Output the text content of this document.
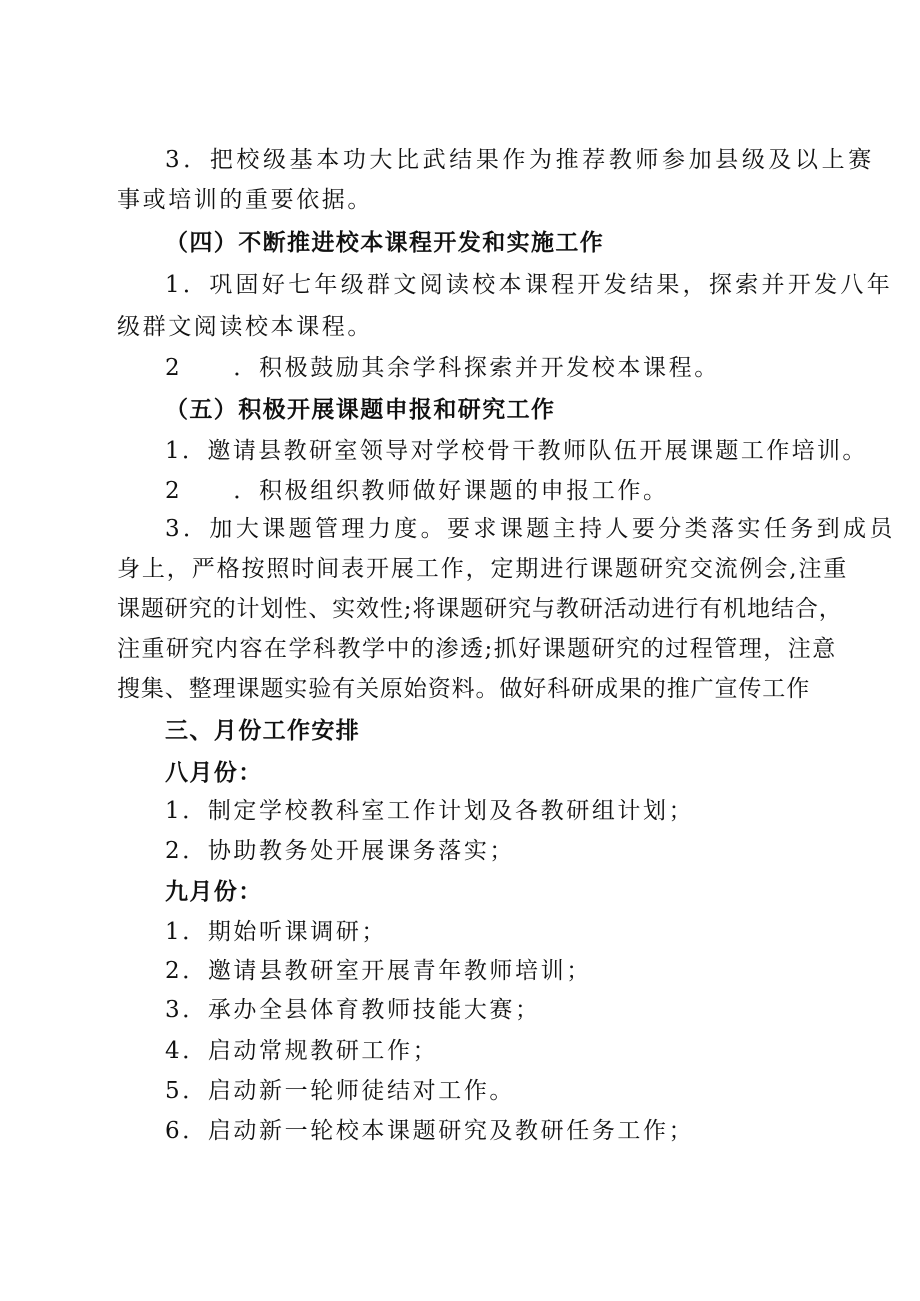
3．把校级基本功大比武结果作为推荐教师参加县级及以上赛
事或培训的重要依据。
（四）不断推进校本课程开发和实施工作
1．巩固好七年级群文阅读校本课程开发结果，探索并开发八年
级群文阅读校本课程。
2　　．积极鼓励其余学科探索并开发校本课程。
（五）积极开展课题申报和研究工作
1．邀请县教研室领导对学校骨干教师队伍开展课题工作培训。
2　　．积极组织教师做好课题的申报工作。
3．加大课题管理力度。要求课题主持人要分类落实任务到成员
身上，严格按照时间表开展工作，定期进行课题研究交流例会,注重
课题研究的计划性、实效性;将课题研究与教研活动进行有机地结合，
注重研究内容在学科教学中的渗透;抓好课题研究的过程管理，注意
搜集、整理课题实验有关原始资料。做好科研成果的推广宣传工作
三、月份工作安排
八月份：
1．制定学校教科室工作计划及各教研组计划；
2．协助教务处开展课务落实；
九月份：
1．期始听课调研；
2．邀请县教研室开展青年教师培训；
3．承办全县体育教师技能大赛；
4．启动常规教研工作；
5．启动新一轮师徒结对工作。
6．启动新一轮校本课题研究及教研任务工作；
